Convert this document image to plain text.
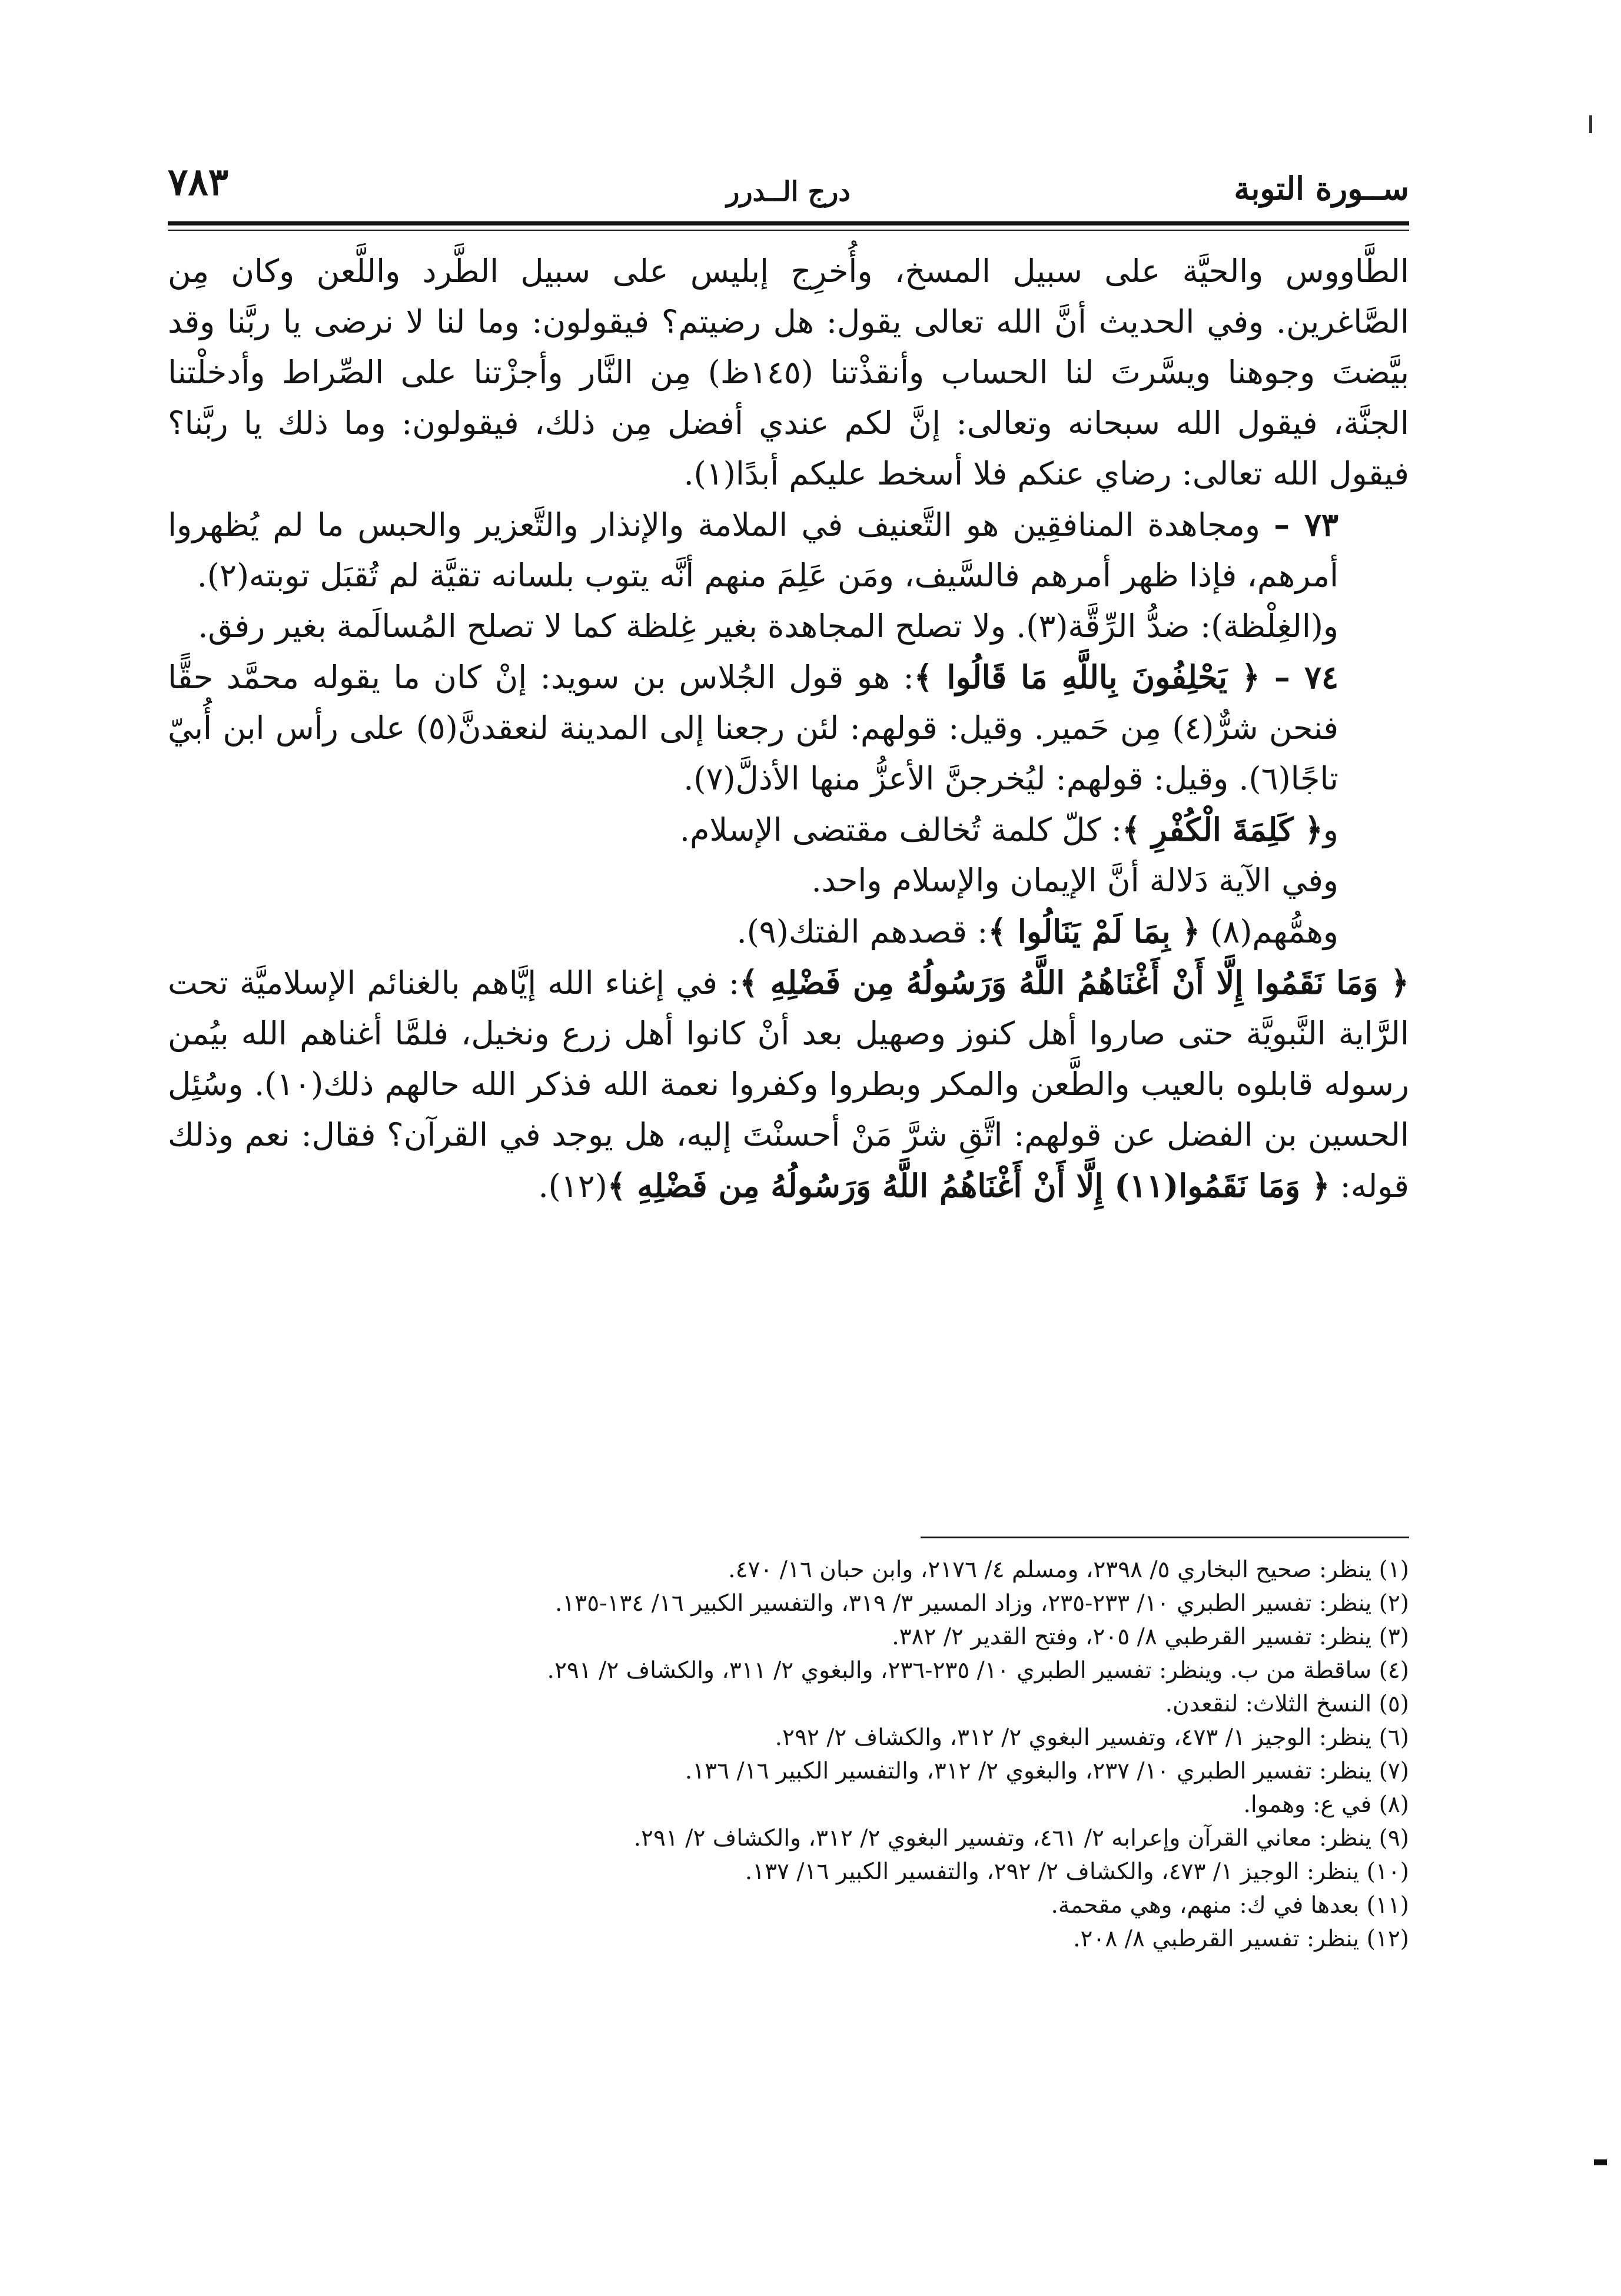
ســورة التوبة
درج الــدرر
٧٨٣

الطَّاووس والحيَّة على سبيل المسخ، وأُخرِج إبليس على سبيل الطَّرد واللَّعن وكان مِن الصَّاغرين. وفي الحديث أنَّ الله تعالى يقول: هل رضيتم؟ فيقولون: وما لنا لا نرضى يا ربَّنا وقد بيَّضتَ وجوهنا ويسَّرتَ لنا الحساب وأنقذْتنا (١٤٥ظ) مِن النَّار وأجزْتنا على الصِّراط وأدخلْتنا الجنَّة، فيقول الله سبحانه وتعالى: إنَّ لكم عندي أفضل مِن ذلك، فيقولون: وما ذلك يا ربَّنا؟ فيقول الله تعالى: رضاي عنكم فلا أسخط عليكم أبدًا(١).

٧٣ – ومجاهدة المنافقِين هو التَّعنيف في الملامة والإنذار والتَّعزير والحبس ما لم يُظهروا أمرهم، فإذا ظهر أمرهم فالسَّيف، ومَن عَلِمَ منهم أنَّه يتوب بلسانه تقيَّة لم تُقبَل توبته(٢).

و(الغِلْظة): ضدُّ الرِّقَّة(٣). ولا تصلح المجاهدة بغير غِلظة كما لا تصلح المُسالَمة بغير رفق.

٧٤ – ﴿ يَحْلِفُونَ بِاللَّهِ مَا قَالُوا ﴾: هو قول الجُلاس بن سويد: إنْ كان ما يقوله محمَّد حقًّا فنحن شرٌّ(٤) مِن حَمير. وقيل: قولهم: لئن رجعنا إلى المدينة لنعقدنَّ(٥) على رأس ابن أُبيّ تاجًا(٦). وقيل: قولهم: ليُخرجنَّ الأعزُّ منها الأذلَّ(٧).

و﴿ كَلِمَةَ الْكُفْرِ ﴾: كلّ كلمة تُخالف مقتضى الإسلام.

وفي الآية دَلالة أنَّ الإيمان والإسلام واحد.

وهمُّهم(٨) ﴿ بِمَا لَمْ يَنَالُوا ﴾: قصدهم الفتك(٩).

﴿ وَمَا نَقَمُوا إِلَّا أَنْ أَغْنَاهُمُ اللَّهُ وَرَسُولُهُ مِن فَضْلِهِ ﴾: في إغناء الله إيَّاهم بالغنائم الإسلاميَّة تحت الرَّاية النَّبويَّة حتى صاروا أهل كنوز وصهيل بعد أنْ كانوا أهل زرع ونخيل، فلمَّا أغناهم الله بيُمن رسوله قابلوه بالعيب والطَّعن والمكر وبطروا وكفروا نعمة الله فذكر الله حالهم ذلك(١٠). وسُئِل الحسين بن الفضل عن قولهم: اتَّقِ شرَّ مَنْ أحسنْتَ إليه، هل يوجد في القرآن؟ فقال: نعم وذلك قوله: ﴿ وَمَا نَقَمُوا(١١) إِلَّا أَنْ أَغْنَاهُمُ اللَّهُ وَرَسُولُهُ مِن فَضْلِهِ ﴾(١٢).

(١) ينظر: صحيح البخاري ٥/ ٢٣٩٨، ومسلم ٤/ ٢١٧٦، وابن حبان ١٦/ ٤٧٠.

(٢) ينظر: تفسير الطبري ١٠/ ٢٣٣-٢٣٥، وزاد المسير ٣/ ٣١٩، والتفسير الكبير ١٦/ ١٣٤-١٣٥.

(٣) ينظر: تفسير القرطبي ٨/ ٢٠٥، وفتح القدير ٢/ ٣٨٢.

(٤) ساقطة من ب. وينظر: تفسير الطبري ١٠/ ٢٣٥-٢٣٦، والبغوي ٢/ ٣١١، والكشاف ٢/ ٢٩١.

(٥) النسخ الثلاث: لنقعدن.

(٦) ينظر: الوجيز ١/ ٤٧٣، وتفسير البغوي ٢/ ٣١٢، والكشاف ٢/ ٢٩٢.

(٧) ينظر: تفسير الطبري ١٠/ ٢٣٧، والبغوي ٢/ ٣١٢، والتفسير الكبير ١٦/ ١٣٦.

(٨) في ع: وهموا.

(٩) ينظر: معاني القرآن وإعرابه ٢/ ٤٦١، وتفسير البغوي ٢/ ٣١٢، والكشاف ٢/ ٢٩١.

(١٠) ينظر: الوجيز ١/ ٤٧٣، والكشاف ٢/ ٢٩٢، والتفسير الكبير ١٦/ ١٣٧.

(١١) بعدها في ك: منهم، وهي مقحمة.

(١٢) ينظر: تفسير القرطبي ٨/ ٢٠٨.
